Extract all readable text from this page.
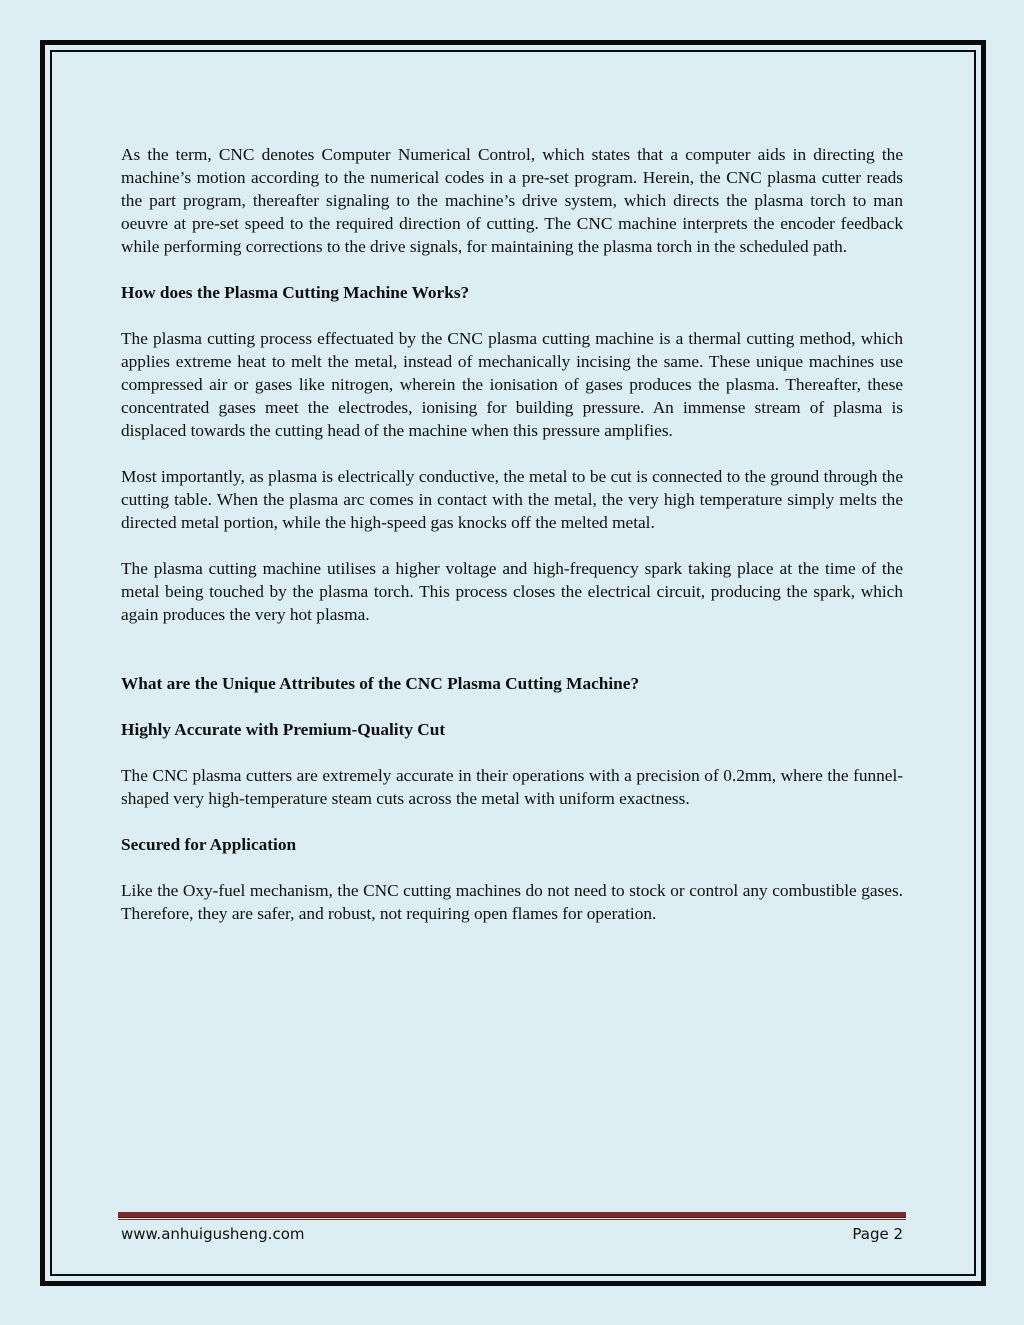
As the term, CNC denotes Computer Numerical Control, which states that a computer aids in directing the machine’s motion according to the numerical codes in a pre-set program. Herein, the CNC plasma cutter reads the part program, thereafter signaling to the machine’s drive system, which directs the plasma torch to man oeuvre at pre-set speed to the required direction of cutting. The CNC machine interprets the encoder feedback while performing corrections to the drive signals, for maintaining the plasma torch in the scheduled path.

How does the Plasma Cutting Machine Works?

The plasma cutting process effectuated by the CNC plasma cutting machine is a thermal cutting method, which applies extreme heat to melt the metal, instead of mechanically incising the same. These unique machines use compressed air or gases like nitrogen, wherein the ionisation of gases produces the plasma. Thereafter, these concentrated gases meet the electrodes, ionising for building pressure. An immense stream of plasma is displaced towards the cutting head of the machine when this pressure amplifies.

Most importantly, as plasma is electrically conductive, the metal to be cut is connected to the ground through the cutting table. When the plasma arc comes in contact with the metal, the very high temperature simply melts the directed metal portion, while the high-speed gas knocks off the melted metal.

The plasma cutting machine utilises a higher voltage and high-frequency spark taking place at the time of the metal being touched by the plasma torch. This process closes the electrical circuit, producing the spark, which again produces the very hot plasma.

What are the Unique Attributes of the CNC Plasma Cutting Machine?
Highly Accurate with Premium-Quality Cut

The CNC plasma cutters are extremely accurate in their operations with a precision of 0.2mm, where the funnel-shaped very high-temperature steam cuts across the metal with uniform exactness.

Secured for Application

Like the Oxy-fuel mechanism, the CNC cutting machines do not need to stock or control any combustible gases. Therefore, they are safer, and robust, not requiring open flames for operation.

www.anhuigusheng.com	Page 2
